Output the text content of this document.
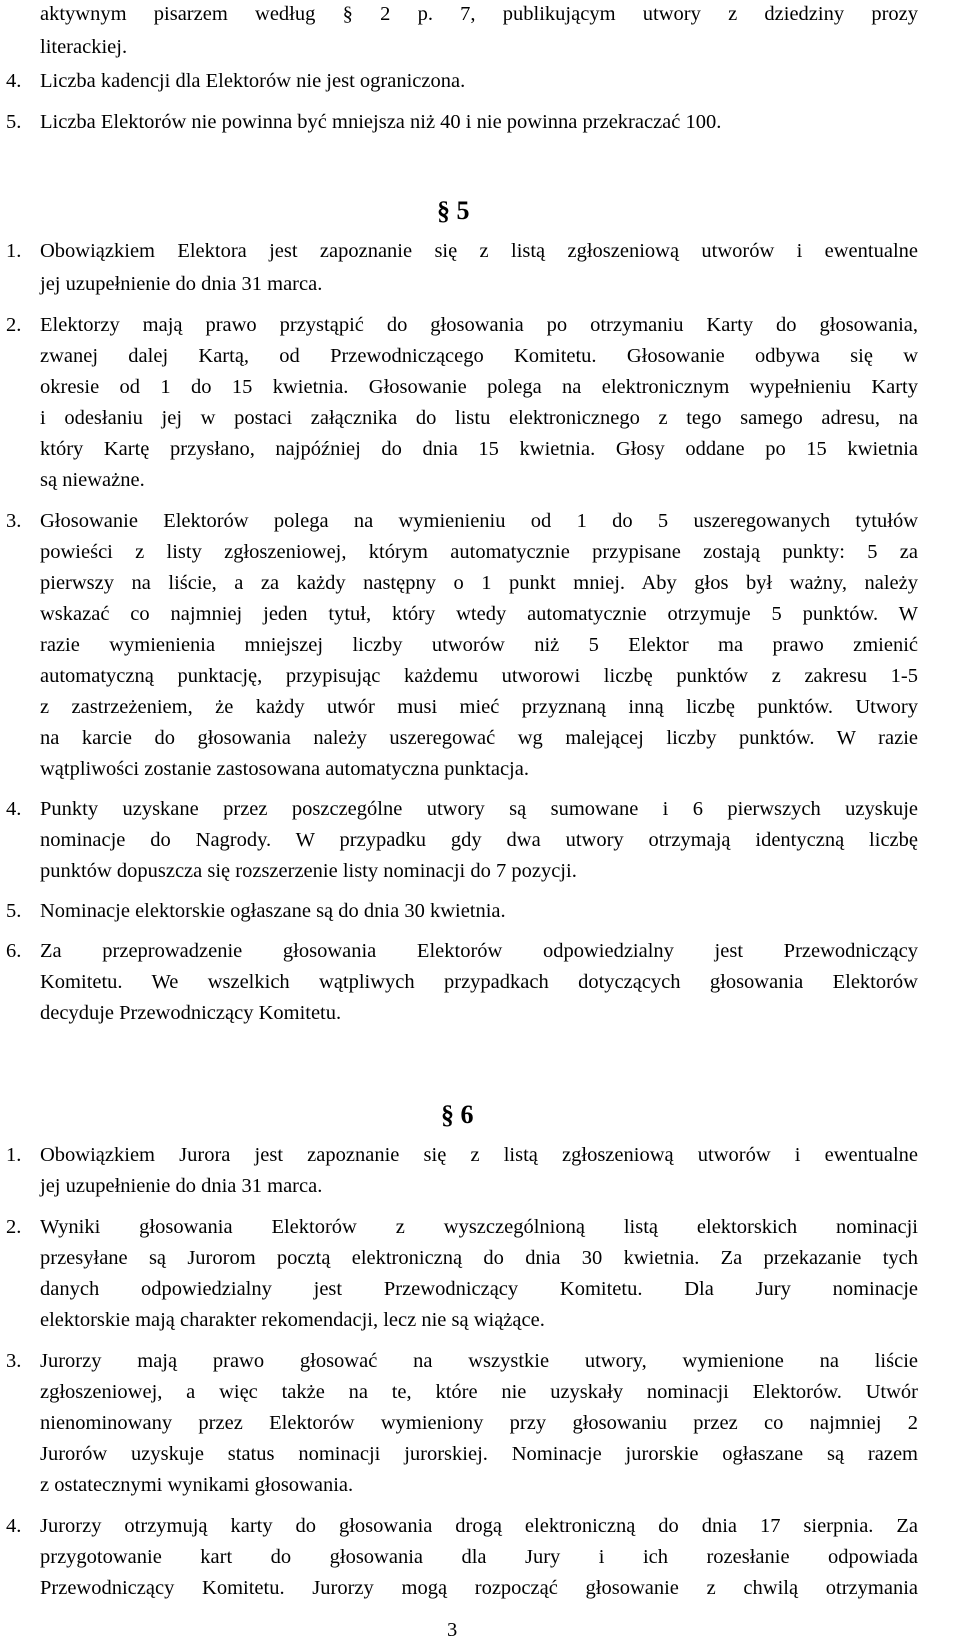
aktywnym pisarzem według § 2 p. 7, publikującym utwory z dziedziny prozy
literackiej.
4. Liczba kadencji dla Elektorów nie jest ograniczona.
5. Liczba Elektorów nie powinna być mniejsza niż 40 i nie powinna przekraczać 100.
§ 5
1. Obowiązkiem Elektora jest zapoznanie się z listą zgłoszeniową utworów i ewentualne
jej uzupełnienie do dnia 31 marca.
2. Elektorzy mają prawo przystąpić do głosowania po otrzymaniu Karty do głosowania,
zwanej dalej Kartą, od Przewodniczącego Komitetu. Głosowanie odbywa się w
okresie od 1 do 15 kwietnia. Głosowanie polega na elektronicznym wypełnieniu Karty
i odesłaniu jej w postaci załącznika do listu elektronicznego z tego samego adresu, na
który Kartę przysłano, najpóźniej do dnia 15 kwietnia. Głosy oddane po 15 kwietnia
są nieważne.
3. Głosowanie Elektorów polega na wymienieniu od 1 do 5 uszeregowanych tytułów
powieści z listy zgłoszeniowej, którym automatycznie przypisane zostają punkty: 5 za
pierwszy na liście, a za każdy następny o 1 punkt mniej. Aby głos był ważny, należy
wskazać co najmniej jeden tytuł, który wtedy automatycznie otrzymuje 5 punktów. W
razie wymienienia mniejszej liczby utworów niż 5 Elektor ma prawo zmienić
automatyczną punktację, przypisując każdemu utworowi liczbę punktów z zakresu 1-5
z zastrzeżeniem, że każdy utwór musi mieć przyznaną inną liczbę punktów. Utwory
na karcie do głosowania należy uszeregować wg malejącej liczby punktów. W razie
wątpliwości zostanie zastosowana automatyczna punktacja.
4. Punkty uzyskane przez poszczególne utwory są sumowane i 6 pierwszych uzyskuje
nominacje do Nagrody. W przypadku gdy dwa utwory otrzymają identyczną liczbę
punktów dopuszcza się rozszerzenie listy nominacji do 7 pozycji.
5. Nominacje elektorskie ogłaszane są do dnia 30 kwietnia.
6. Za przeprowadzenie głosowania Elektorów odpowiedzialny jest Przewodniczący
Komitetu. We wszelkich wątpliwych przypadkach dotyczących głosowania Elektorów
decyduje Przewodniczący Komitetu.
§ 6
1. Obowiązkiem Jurora jest zapoznanie się z listą zgłoszeniową utworów i ewentualne
jej uzupełnienie do dnia 31 marca.
2. Wyniki głosowania Elektorów z wyszczególnioną listą elektorskich nominacji
przesyłane są Jurorom pocztą elektroniczną do dnia 30 kwietnia. Za przekazanie tych
danych odpowiedzialny jest Przewodniczący Komitetu. Dla Jury nominacje
elektorskie mają charakter rekomendacji, lecz nie są wiążące.
3. Jurorzy mają prawo głosować na wszystkie utwory, wymienione na liście
zgłoszeniowej, a więc także na te, które nie uzyskały nominacji Elektorów. Utwór
nienominowany przez Elektorów wymieniony przy głosowaniu przez co najmniej 2
Jurorów uzyskuje status nominacji jurorskiej. Nominacje jurorskie ogłaszane są razem
z ostatecznymi wynikami głosowania.
4. Jurorzy otrzymują karty do głosowania drogą elektroniczną do dnia 17 sierpnia. Za
przygotowanie kart do głosowania dla Jury i ich rozesłanie odpowiada
Przewodniczący Komitetu. Jurorzy mogą rozpocząć głosowanie z chwilą otrzymania
3
